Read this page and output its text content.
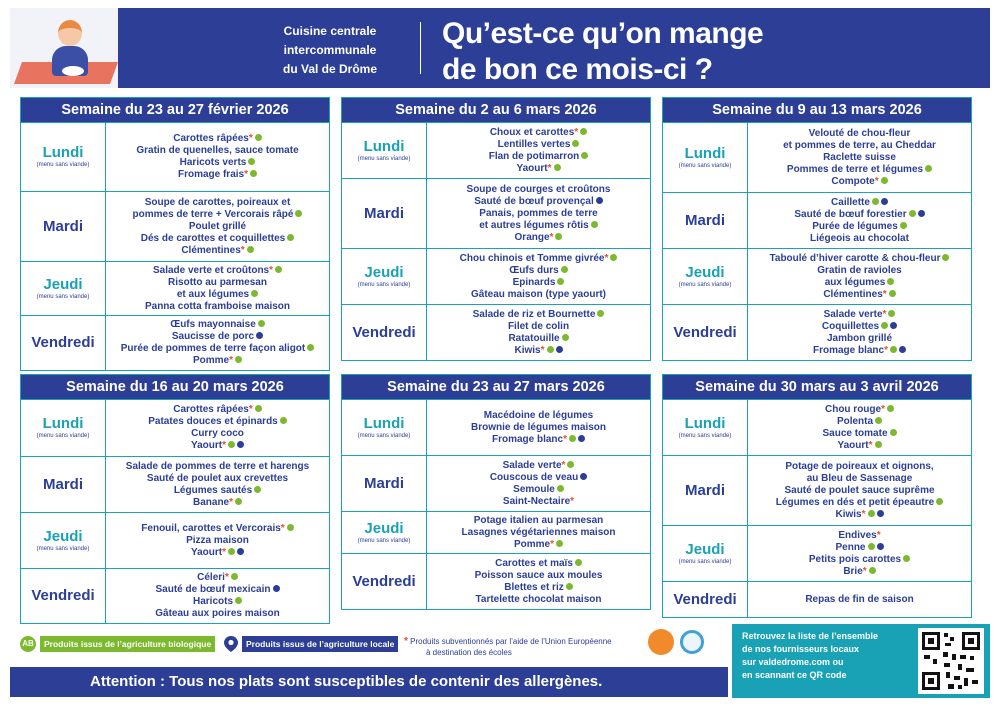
Cuisine centrale
intercommunale
du Val de Drôme
Qu’est-ce qu’on mange
de bon ce mois-ci ?
Semaine du 23 au 27 février 2026
Lundi
(menu sans viande)
Carottes râpées*
Gratin de quenelles, sauce tomate
Haricots verts
Fromage frais*
Mardi
Soupe de carottes, poireaux et
pommes de terre + Vercorais râpé
Poulet grillé
Dés de carottes et coquillettes
Clémentines*
Jeudi
(menu sans viande)
Salade verte et croûtons*
Risotto au parmesan
et aux légumes
Panna cotta framboise maison
Vendredi
Œufs mayonnaise
Saucisse de porc
Purée de pommes de terre façon aligot
Pomme*
Semaine du 2 au 6 mars 2026
Lundi
(menu sans viande)
Choux et carottes*
Lentilles vertes
Flan de potimarron
Yaourt*
Mardi
Soupe de courges et croûtons
Sauté de bœuf provençal
Panais, pommes de terre
et autres légumes rôtis
Orange*
Jeudi
(menu sans viande)
Chou chinois et Tomme givrée*
Œufs durs
Epinards
Gâteau maison (type yaourt)
Vendredi
Salade de riz et Bournette
Filet de colin
Ratatouille
Kiwis*
Semaine du 9 au 13 mars 2026
Lundi
(menu sans viande)
Velouté de chou-fleur
et pommes de terre, au Cheddar
Raclette suisse
Pommes de terre et légumes
Compote*
Mardi
Caillette
Sauté de bœuf forestier
Purée de légumes
Liégeois au chocolat
Jeudi
(menu sans viande)
Taboulé d’hiver carotte & chou-fleur
Gratin de ravioles
aux légumes
Clémentines*
Vendredi
Salade verte*
Coquillettes
Jambon grillé
Fromage blanc*
Semaine du 16 au 20 mars 2026
Lundi
(menu sans viande)
Carottes râpées*
Patates douces et épinards
Curry coco
Yaourt*
Mardi
Salade de pommes de terre et harengs
Sauté de poulet aux crevettes
Légumes sautés
Banane*
Jeudi
(menu sans viande)
Fenouil, carottes et Vercorais*
Pizza maison
Yaourt*
Vendredi
Céleri*
Sauté de bœuf mexicain
Haricots
Gâteau aux poires maison
Semaine du 23 au 27 mars 2026
Lundi
(menu sans viande)
Macédoine de légumes
Brownie de légumes maison
Fromage blanc*
Mardi
Salade verte*
Couscous de veau
Semoule
Saint-Nectaire*
Jeudi
(menu sans viande)
Potage italien au parmesan
Lasagnes végétariennes maison
Pomme*
Vendredi
Carottes et maïs
Poisson sauce aux moules
Blettes et riz
Tartelette chocolat maison
Semaine du 30 mars au 3 avril 2026
Lundi
(menu sans viande)
Chou rouge*
Polenta
Sauce tomate
Yaourt*
Mardi
Potage de poireaux et oignons,
au Bleu de Sassenage
Sauté de poulet sauce suprême
Légumes en dés et petit épeautre
Kiwis*
Jeudi
(menu sans viande)
Endives*
Penne
Petits pois carottes
Brie*
Vendredi	Repas de fin de saison
AB	Produits issus de l’agriculture biologique	Produits issus de l’agriculture locale * Produits subventionnés par l’aide de l’Union Européenne
à destination des écoles
Attention : Tous nos plats sont susceptibles de contenir des allergènes.
Retrouvez la liste de l’ensemble
de nos fournisseurs locaux
sur valdedrome.com ou
en scannant ce QR code
